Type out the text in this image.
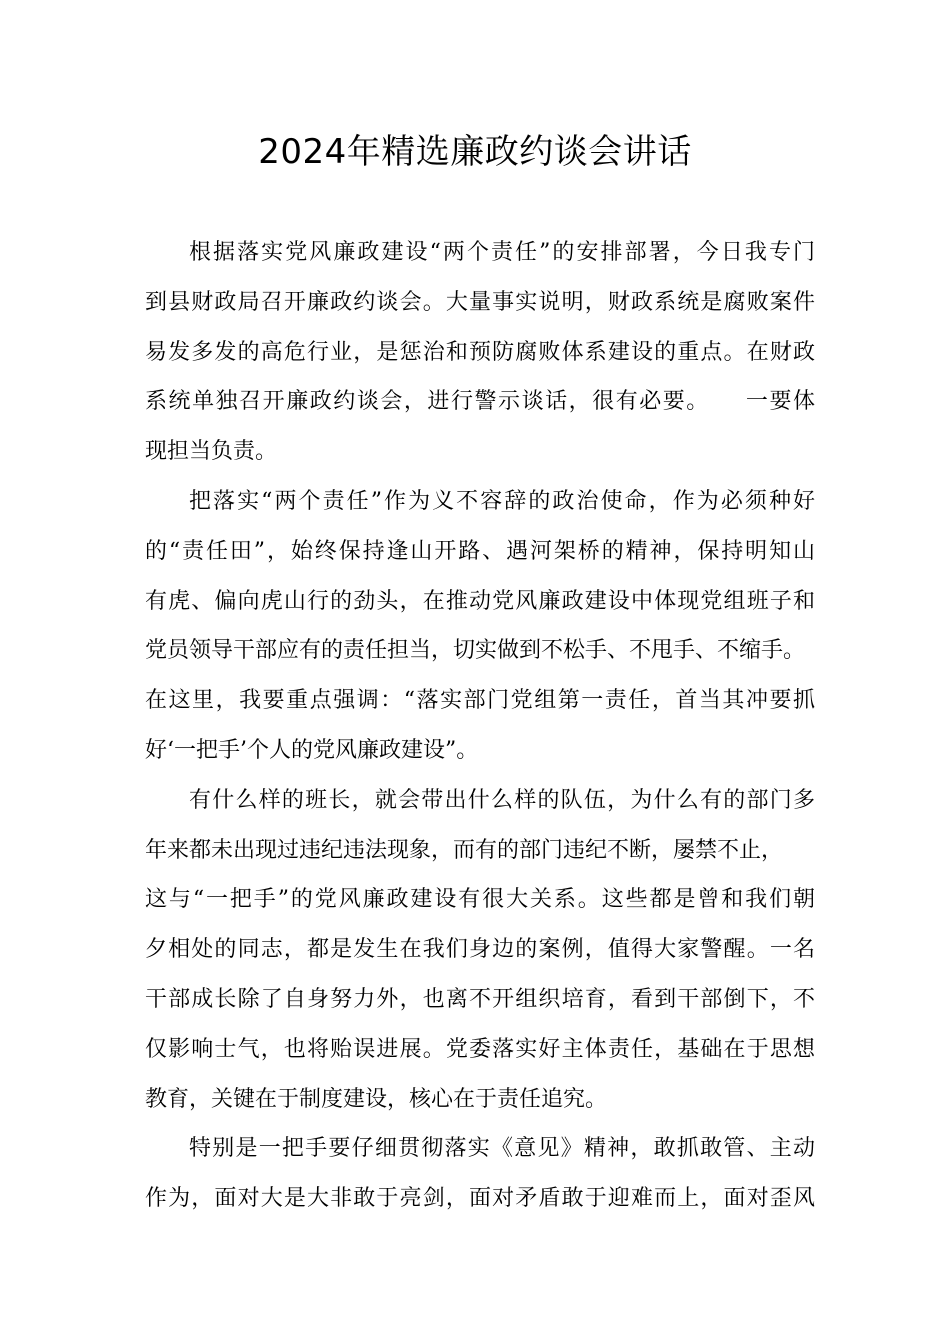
2024年精选廉政约谈会讲话
根据落实党风廉政建设“两个责任”的安排部署，今日我专门
到县财政局召开廉政约谈会。大量事实说明，财政系统是腐败案件
易发多发的高危行业，是惩治和预防腐败体系建设的重点。在财政
系统单独召开廉政约谈会，进行警示谈话，很有必要。　　一要体
现担当负责。
把落实“两个责任”作为义不容辞的政治使命，作为必须种好
的“责任田”，始终保持逢山开路、遇河架桥的精神，保持明知山
有虎、偏向虎山行的劲头，在推动党风廉政建设中体现党组班子和
党员领导干部应有的责任担当，切实做到不松手、不甩手、不缩手。
在这里，我要重点强调：“落实部门党组第一责任，首当其冲要抓
好‘一把手’个人的党风廉政建设”。
有什么样的班长，就会带出什么样的队伍，为什么有的部门多
年来都未出现过违纪违法现象，而有的部门违纪不断，屡禁不止，
这与“一把手”的党风廉政建设有很大关系。这些都是曾和我们朝
夕相处的同志，都是发生在我们身边的案例，值得大家警醒。一名
干部成长除了自身努力外，也离不开组织培育，看到干部倒下，不
仅影响士气，也将贻误进展。党委落实好主体责任，基础在于思想
教育，关键在于制度建设，核心在于责任追究。
特别是一把手要仔细贯彻落实《意见》精神，敢抓敢管、主动
作为，面对大是大非敢于亮剑，面对矛盾敢于迎难而上，面对歪风
